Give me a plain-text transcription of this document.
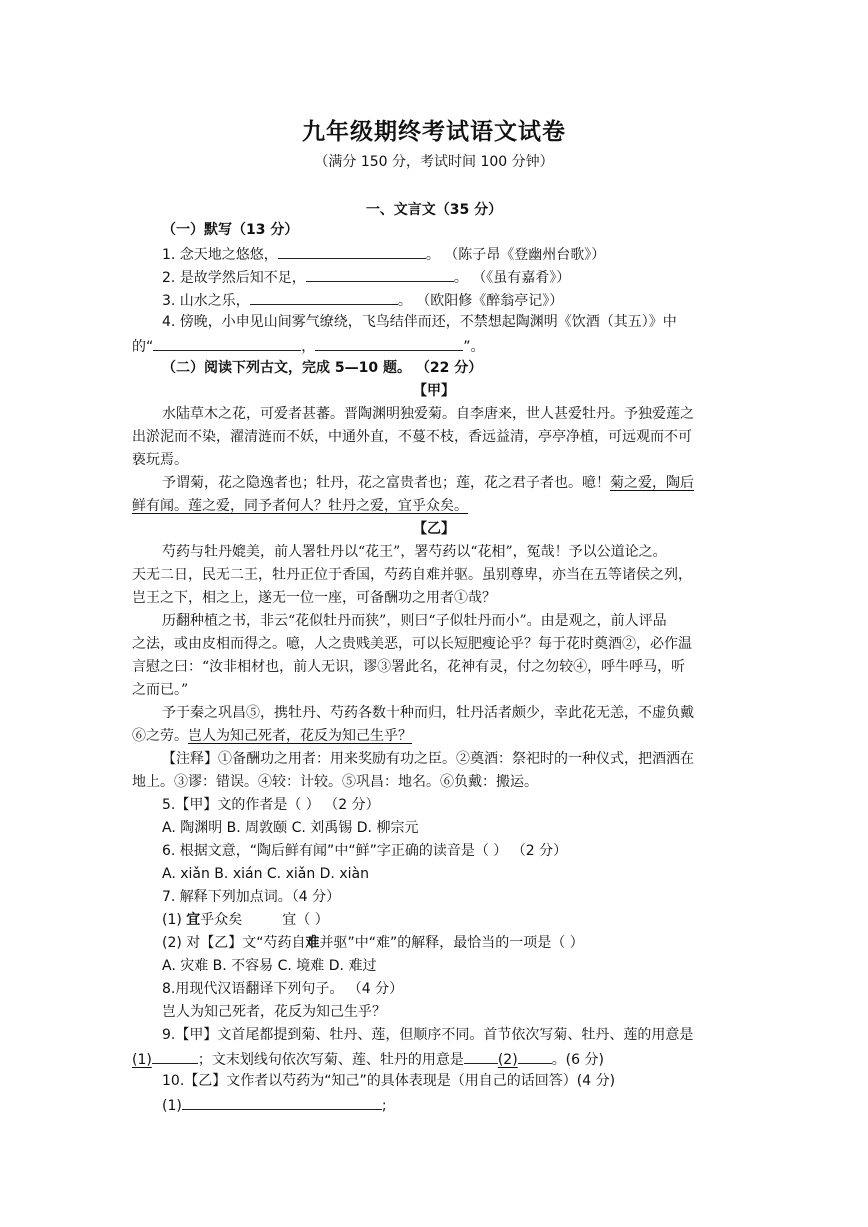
九年级期终考试语文试卷
（满分 150 分，考试时间 100 分钟）
一、文言文（35 分）
（一）默写（13 分）
1. 念天地之悠悠，	。 （陈子昂《登幽州台歌》）
2. 是故学然后知不足，	。 （《虽有嘉肴》）
3. 山水之乐，	。 （欧阳修《醉翁亭记》）
4. 傍晚，小申见山间雾气缭绕，飞鸟结伴而还，不禁想起陶渊明《饮酒（其五）》中
的“	，	”。
（二）阅读下列古文，完成 5—10 题。 （22 分）
【甲】
水陆草木之花，可爱者甚蕃。晋陶渊明独爱菊。自李唐来，世人甚爱牡丹。予独爱莲之
出淤泥而不染，濯清涟而不妖，中通外直，不蔓不枝，香远益清，亭亭净植，可远观而不可
亵玩焉。
予谓菊，花之隐逸者也；牡丹，花之富贵者也；莲，花之君子者也。噫！菊之爱，陶后
鲜有闻。莲之爱，同予者何人？牡丹之爱，宜乎众矣。
【乙】
芍药与牡丹媲美，前人署牡丹以“花王”，署芍药以“花相”，冤哉！予以公道论之。
天无二日，民无二王，牡丹正位于香国，芍药自难并驱。虽别尊卑，亦当在五等诸侯之列，
岂王之下，相之上，遂无一位一座，可备酬功之用者①哉？
历翻种植之书，非云“花似牡丹而狭”，则曰“子似牡丹而小”。由是观之，前人评品
之法，或由皮相而得之。噫，人之贵贱美恶，可以长短肥瘦论乎？每于花时奠酒②，必作温
言慰之曰：“汝非相材也，前人无识，谬③署此名，花神有灵，付之勿较④，呼牛呼马，听
之而已。”
予于秦之巩昌⑤，携牡丹、芍药各数十种而归，牡丹活者颇少，幸此花无恙，不虚负戴
⑥之劳。岂人为知己死者，花反为知己生乎？
【注释】①备酬功之用者：用来奖励有功之臣。②奠酒：祭祀时的一种仪式，把酒洒在
地上。③谬：错误。④较：计较。⑤巩昌：地名。⑥负戴：搬运。
5.【甲】文的作者是（ ） （2 分）
A. 陶渊明 B. 周敦颐 C. 刘禹锡 D. 柳宗元
6. 根据文意，“陶后鲜有闻”中“鲜”字正确的读音是（ ） （2 分）
A. xiǎn B. xián C. xiǎn D. xiàn
7. 解释下列加点词。（4 分）
(1) 宜乎众矣	宜（ ）
(2) 对【乙】文“芍药自难并驱”中“难”的解释，最恰当的一项是（ ）
A. 灾难 B. 不容易 C. 境难 D. 难过
8.用现代汉语翻译下列句子。 （4 分）
岂人为知己死者，花反为知己生乎？
9.【甲】文首尾都提到菊、牡丹、莲，但顺序不同。首节依次写菊、牡丹、莲的用意是
(1)	；文末划线句依次写菊、莲、牡丹的用意是 (2) 。(6 分)
10.【乙】文作者以芍药为“知己”的具体表现是（用自己的话回答）(4 分)
(1)	;
